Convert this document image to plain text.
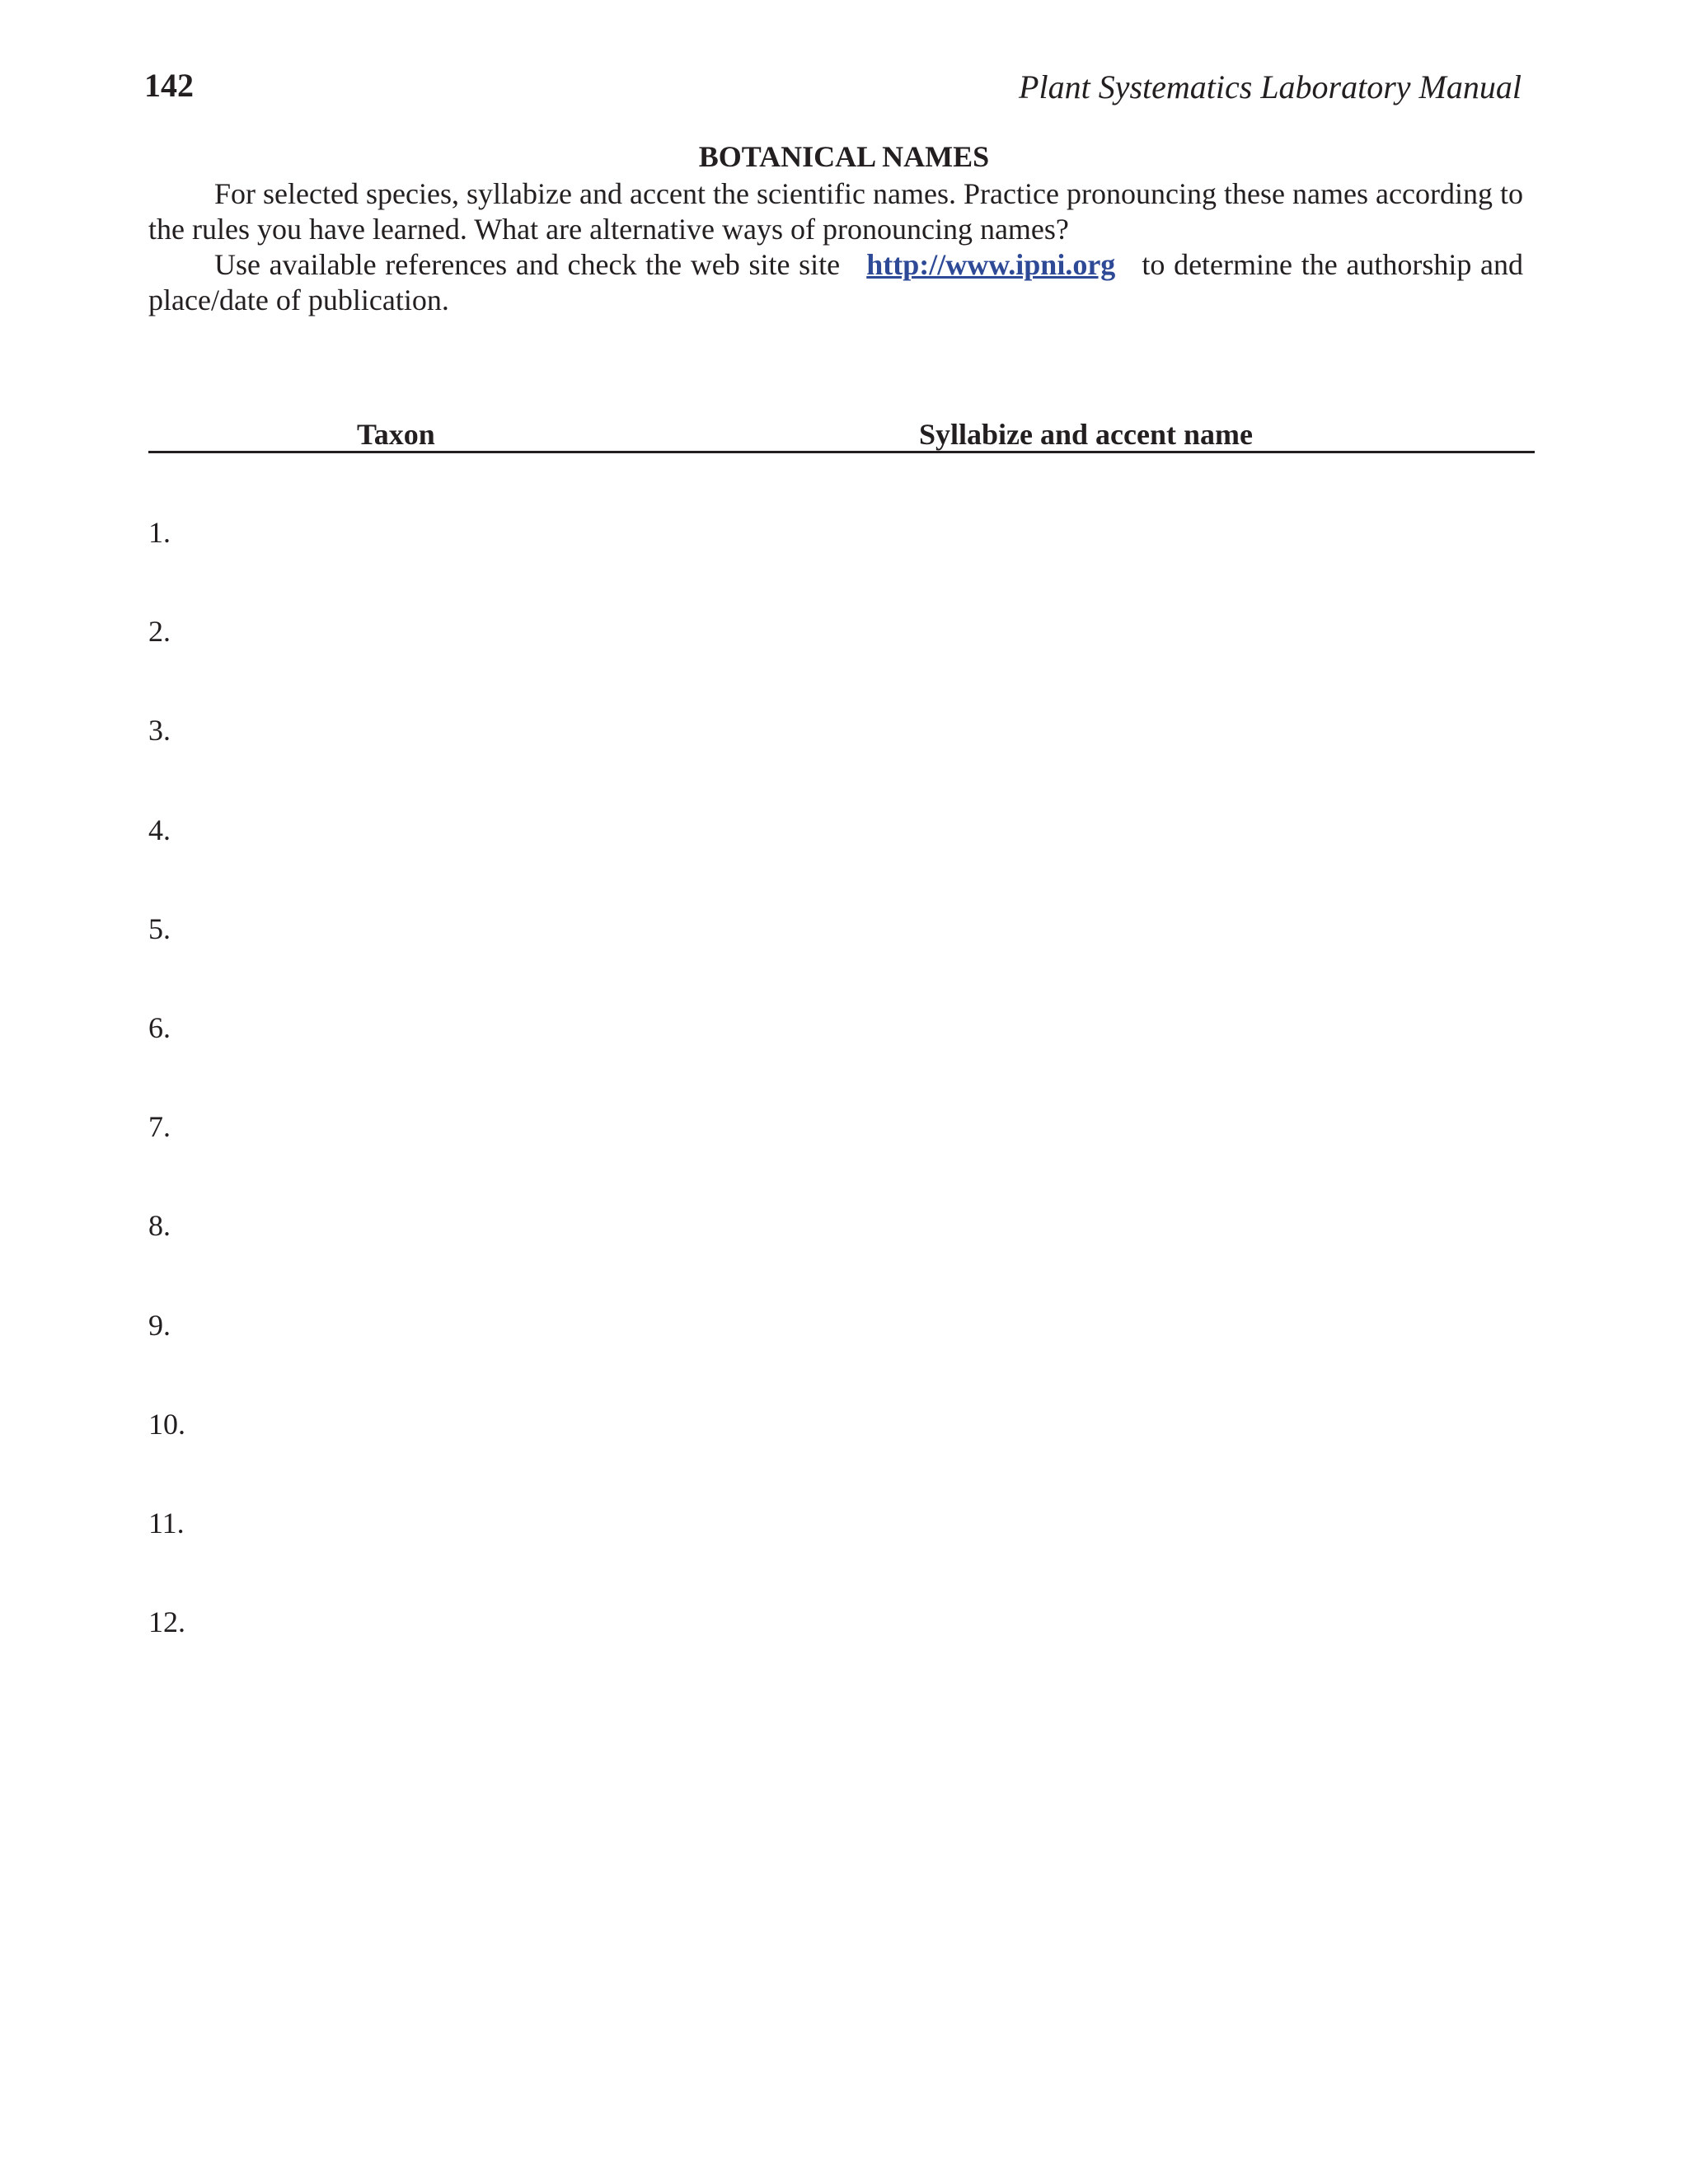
142	Plant Systematics Laboratory Manual
BOTANICAL NAMES

For selected species, syllabize and accent the scientific names. Practice pronouncing these names according to the rules you have learned. What are alternative ways of pronouncing names?

Use available references and check the web site site   http://www.ipni.org   to determine the authorship and place/date of publication.

Taxon	Syllabize and accent name
1.
2.
3.
4.
5.
6.
7.
8.
9.
10.
11.
12.
